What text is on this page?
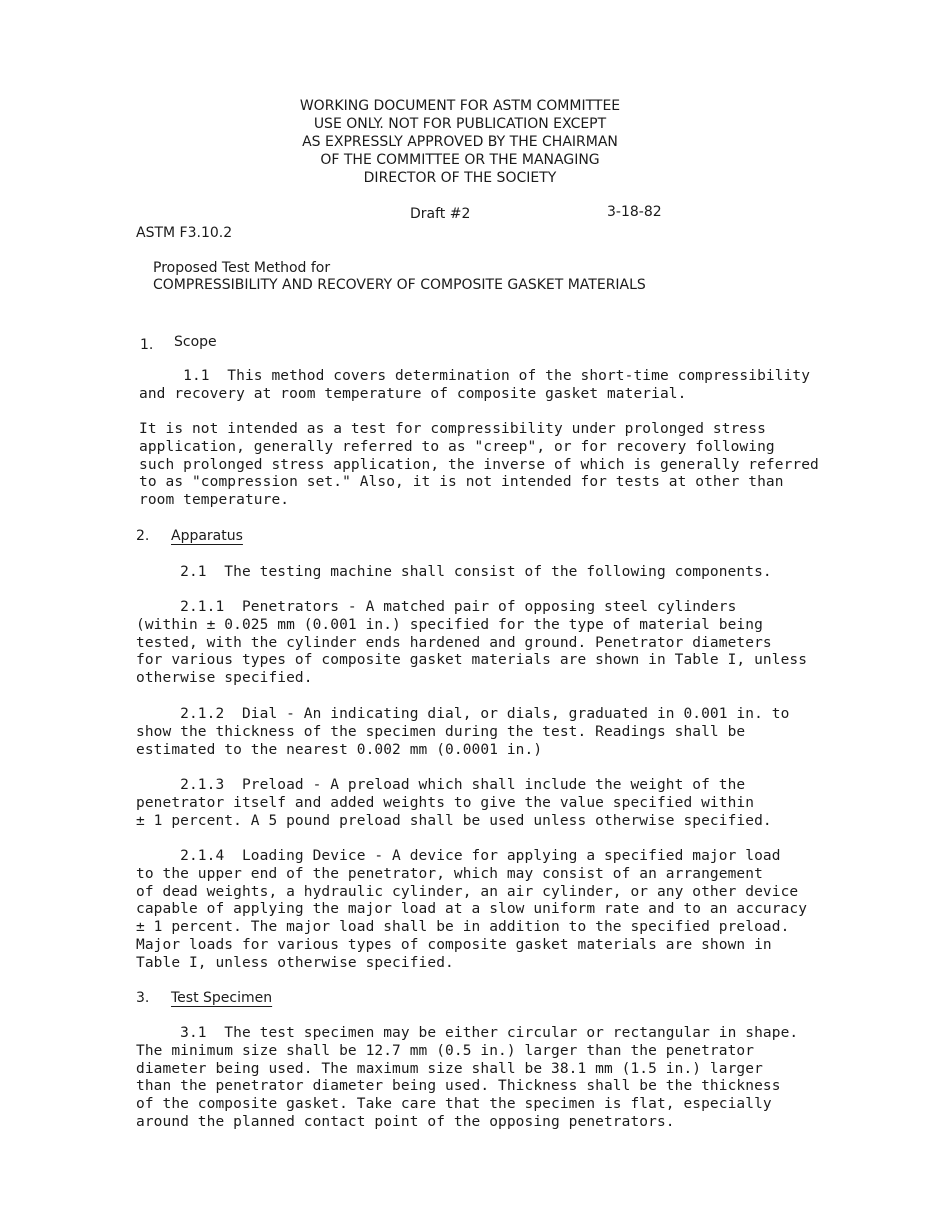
WORKING DOCUMENT FOR ASTM COMMITTEE
USE ONLY. NOT FOR PUBLICATION EXCEPT
AS EXPRESSLY APPROVED BY THE CHAIRMAN
OF THE COMMITTEE OR THE MANAGING
DIRECTOR OF THE SOCIETY
Draft #2	3-18-82
ASTM F3.10.2
Proposed Test Method for
COMPRESSIBILITY AND RECOVERY OF COMPOSITE GASKET MATERIALS
1. Scope
1.1  This method covers determination of the short-time compressibility
and recovery at room temperature of composite gasket material.
It is not intended as a test for compressibility under prolonged stress
application, generally referred to as "creep", or for recovery following
such prolonged stress application, the inverse of which is generally referred
to as "compression set." Also, it is not intended for tests at other than
room temperature.
2. Apparatus
2.1  The testing machine shall consist of the following components.
2.1.1  Penetrators - A matched pair of opposing steel cylinders
(within ± 0.025 mm (0.001 in.) specified for the type of material being
tested, with the cylinder ends hardened and ground. Penetrator diameters
for various types of composite gasket materials are shown in Table I, unless
otherwise specified.
2.1.2  Dial - An indicating dial, or dials, graduated in 0.001 in. to
show the thickness of the specimen during the test. Readings shall be
estimated to the nearest 0.002 mm (0.0001 in.)
2.1.3  Preload - A preload which shall include the weight of the
penetrator itself and added weights to give the value specified within
± 1 percent. A 5 pound preload shall be used unless otherwise specified.
2.1.4  Loading Device - A device for applying a specified major load
to the upper end of the penetrator, which may consist of an arrangement
of dead weights, a hydraulic cylinder, an air cylinder, or any other device
capable of applying the major load at a slow uniform rate and to an accuracy
± 1 percent. The major load shall be in addition to the specified preload.
Major loads for various types of composite gasket materials are shown in
Table I, unless otherwise specified.
3. Test Specimen
3.1  The test specimen may be either circular or rectangular in shape.
The minimum size shall be 12.7 mm (0.5 in.) larger than the penetrator
diameter being used. The maximum size shall be 38.1 mm (1.5 in.) larger
than the penetrator diameter being used. Thickness shall be the thickness
of the composite gasket. Take care that the specimen is flat, especially
around the planned contact point of the opposing penetrators.
